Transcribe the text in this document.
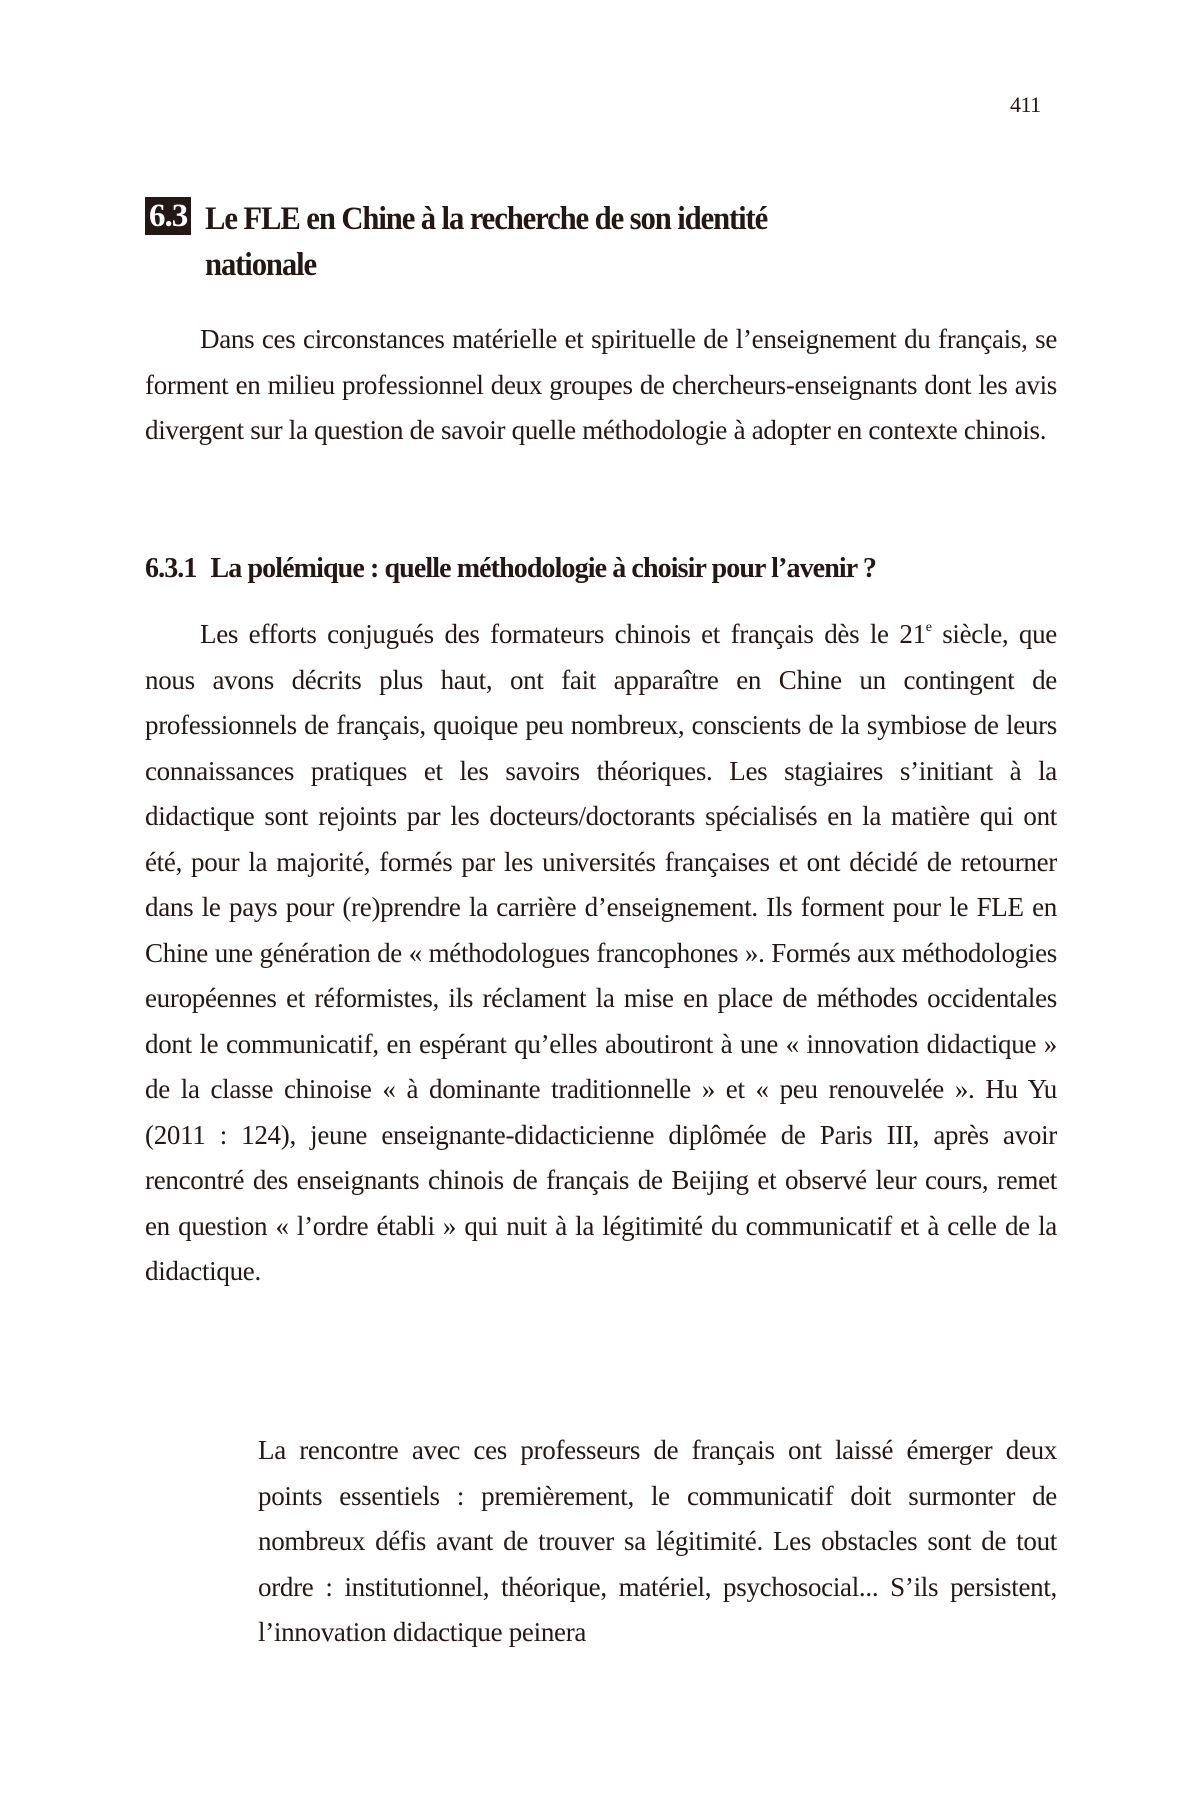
411
6.3 Le FLE en Chine à la recherche de son identité nationale

Dans ces circonstances matérielle et spirituelle de l’enseignement du français, se forment en milieu professionnel deux groupes de chercheurs-enseignants dont les avis divergent sur la question de savoir quelle méthodologie à adopter en contexte chinois.

6.3.1 La polémique : quelle méthodologie à choisir pour l’avenir ?

Les efforts conjugués des formateurs chinois et français dès le 21e siècle, que nous avons décrits plus haut, ont fait apparaître en Chine un contingent de professionnels de français, quoique peu nombreux, conscients de la symbiose de leurs connaissances pratiques et les savoirs théoriques. Les stagiaires s’initiant à la didactique sont rejoints par les docteurs/doctorants spécialisés en la matière qui ont été, pour la majorité, formés par les universités françaises et ont décidé de retourner dans le pays pour (re)prendre la carrière d’enseignement. Ils forment pour le FLE en Chine une génération de « méthodologues francophones ». Formés aux méthodologies européennes et réformistes, ils réclament la mise en place de méthodes occidentales dont le communicatif, en espérant qu’elles aboutiront à une « innovation didactique » de la classe chinoise « à dominante traditionnelle » et « peu renouvelée ». Hu Yu (2011 : 124), jeune enseignante-didacticienne diplômée de Paris III, après avoir rencontré des enseignants chinois de français de Beijing et observé leur cours, remet en question « l’ordre établi » qui nuit à la légitimité du communicatif et à celle de la didactique.

La rencontre avec ces professeurs de français ont laissé émerger deux points essentiels : premièrement, le communicatif doit surmonter de nombreux défis avant de trouver sa légitimité. Les obstacles sont de tout ordre : institutionnel, théorique, matériel, psychosocial... S’ils persistent, l’innovation didactique peinera
